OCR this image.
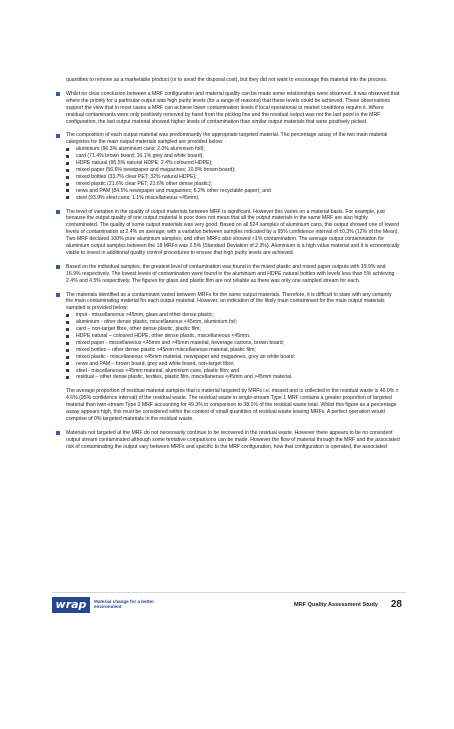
quantities to remove as a marketable product (or to avoid the disposal cost), but they did not want to encourage this material into the process.

Whilst no clear conclusion between a MRF configuration and material quality can be made some relationships were observed. It was observed that where the priority for a particular output was high purity levels (for a range of reasons) that these levels could be achieved. These observations support the view that in most cases a MRF can achieve lower contamination levels if local operational or market conditions require it. Where residual contaminants were only positively removed by hand from the picking line and the residual output was not the last point in the MRF configuration, the last output material showed higher levels of contamination than similar output materials that were positively picked.

The composition of each output material was predominantly the appropriate targeted material. The percentage assay of the two main material categories for the main output materials sampled are provided below:
aluminium (96.3% aluminium cans; 2.0% aluminium foil);
card (71.4% brown board; 16.1% grey and white board);
HDPE natural (95.5% natural HDPE; 2.4% coloured HDPE);
mixed paper (56.6% newspaper and magazines; 10.8% brown board);
mixed bottles (33.7% clear PET; 32% natural HDPE);
mixed plastic (21.6% clear PET; 21.6% other dense plastic);
news and PAM (84.5% newspaper and magazines; 6.2% other recyclable paper); and
steel (93.9% steel cans; 1.1% miscellaneous <45mm).

The level of variation in the quality of output materials between MRF is significant. However this varies on a material basis. For example, just because the output quality of one output material is poor does not mean that all the output materials in the same MRF are also highly contaminated. The quality of some output materials was very good. Based on all 524 samples of aluminium cans, this output showed one of lowest levels of contamination at 2.4% on average; with a variation between samples indicated by a 95% confidence interval of ±0.3% (12% of the Mean). Two MRF declared 100% pure aluminium samples; and other MRFs also showed <1% contamination. The average output contamination for aluminium output samples between the 18 MRFs was 2.5% (Standard Deviation of 2.3%). Aluminium is a high value material and it is economically viable to invest in additional quality control procedures to ensure that high purity levels are achieved.

Based on the individual samples, the greatest level of contamination was found in the mixed plastic and mixed paper outputs with 19.9% and 16.9% respectively. The lowest levels of contamination were found in the aluminium and HDPE natural bottles with levels less than 5% achieving 2.4% and 4.5% respectively. The figures for glass and plastic film are not reliable as there was only one sampled stream for each.

The materials identified as a contaminant varied between MRFs for the same output materials. Therefore, it is difficult to state with any certainty the main contaminating material for each output material. However, an indication of the likely main contaminant for the main output materials sampled is provided below:
input - miscellaneous >45mm, glass and other dense plastic;
aluminium - other dense plastic, miscellaneous <45mm, aluminium foil;
card – non-target fibre, other dense plastic, plastic film;
HDPE natural – coloured HDPE, other dense plastic, miscellaneous <45mm;
mixed paper - miscellaneous <45mm and >45mm material, beverage cartons, brown board;
mixed bottles – other dense plastic >45mm miscellaneous material, plastic film;
mixed plastic - miscellaneous <45mm material, newspaper and magazines, grey an white board;
news and PAM – brown board, grey and white board, non-target fibre;
steel - miscellaneous <45mm material, aluminium cans, plastic film; and
residual – other dense plastic, textiles, plastic film, miscellaneous <45mm and >45mm material.

The average proportion of residual material samples that is material targeted by MRFs i.e. missed and is collected in the residual waste is 46.0% ± 4.6% (95% confidence interval) of the residual waste. The residual waste in single-stream Type 1 MRF contains a greater proportion of targeted material than twin-stream Type 2 MRF accounting for 49.3% in comparison to 38.1% of the residual waste total. Whilst this figure as a percentage assay appears high, this must be considered within the context of small quantities of residual waste leaving MRFs. A perfect operation would comprise of 0% targeted materials in the residual waste.

Materials not targeted at the MRF do not necessarily continue to be recovered in the residual waste. However there appears to be no consistent output stream contaminated although some tentative comparisons can be made. However the flow of material through the MRF and the associated risk of contaminating the output vary between MRFs and specific to the MRF configuration, how that configuration is operated, the associated

wrap	Material change for a better environment	MRF Quality Assessment Study 28
